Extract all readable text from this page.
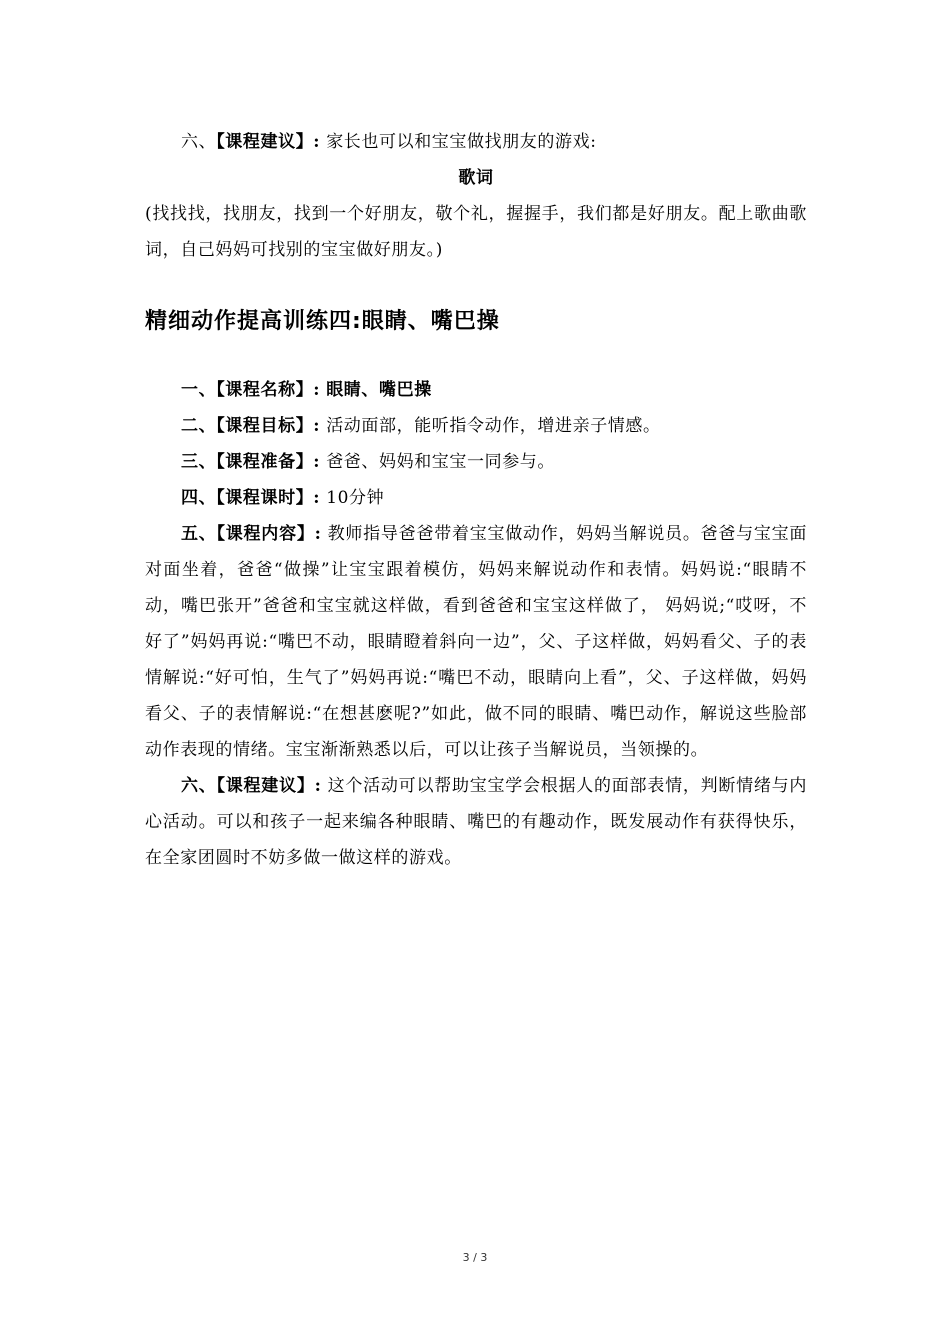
六、【课程建议】: 家长也可以和宝宝做找朋友的游戏:

歌词

(找找找，找朋友，找到一个好朋友，敬个礼，握握手，我们都是好朋友。配上歌曲歌词，自己妈妈可找别的宝宝做好朋友。)

精细动作提高训练四:眼睛、嘴巴操

一、【课程名称】: 眼睛、嘴巴操

二、【课程目标】: 活动面部，能听指令动作，增进亲子情感。

三、【课程准备】: 爸爸、妈妈和宝宝一同参与。

四、【课程课时】: 10分钟

五、【课程内容】: 教师指导爸爸带着宝宝做动作，妈妈当解说员。爸爸与宝宝面对面坐着，爸爸“做操”让宝宝跟着模仿，妈妈来解说动作和表情。妈妈说:“眼睛不动，嘴巴张开”爸爸和宝宝就这样做，看到爸爸和宝宝这样做了， 妈妈说;“哎呀，不好了”妈妈再说:“嘴巴不动，眼睛瞪着斜向一边”，父、子这样做，妈妈看父、子的表情解说:“好可怕，生气了”妈妈再说:“嘴巴不动，眼睛向上看”，父、子这样做，妈妈看父、子的表情解说:“在想甚麽呢?”如此，做不同的眼睛、嘴巴动作，解说这些脸部动作表现的情绪。宝宝渐渐熟悉以后，可以让孩子当解说员，当领操的。

六、【课程建议】: 这个活动可以帮助宝宝学会根据人的面部表情，判断情绪与内心活动。可以和孩子一起来编各种眼睛、嘴巴的有趣动作，既发展动作有获得快乐，在全家团圆时不妨多做一做这样的游戏。

3 / 3
